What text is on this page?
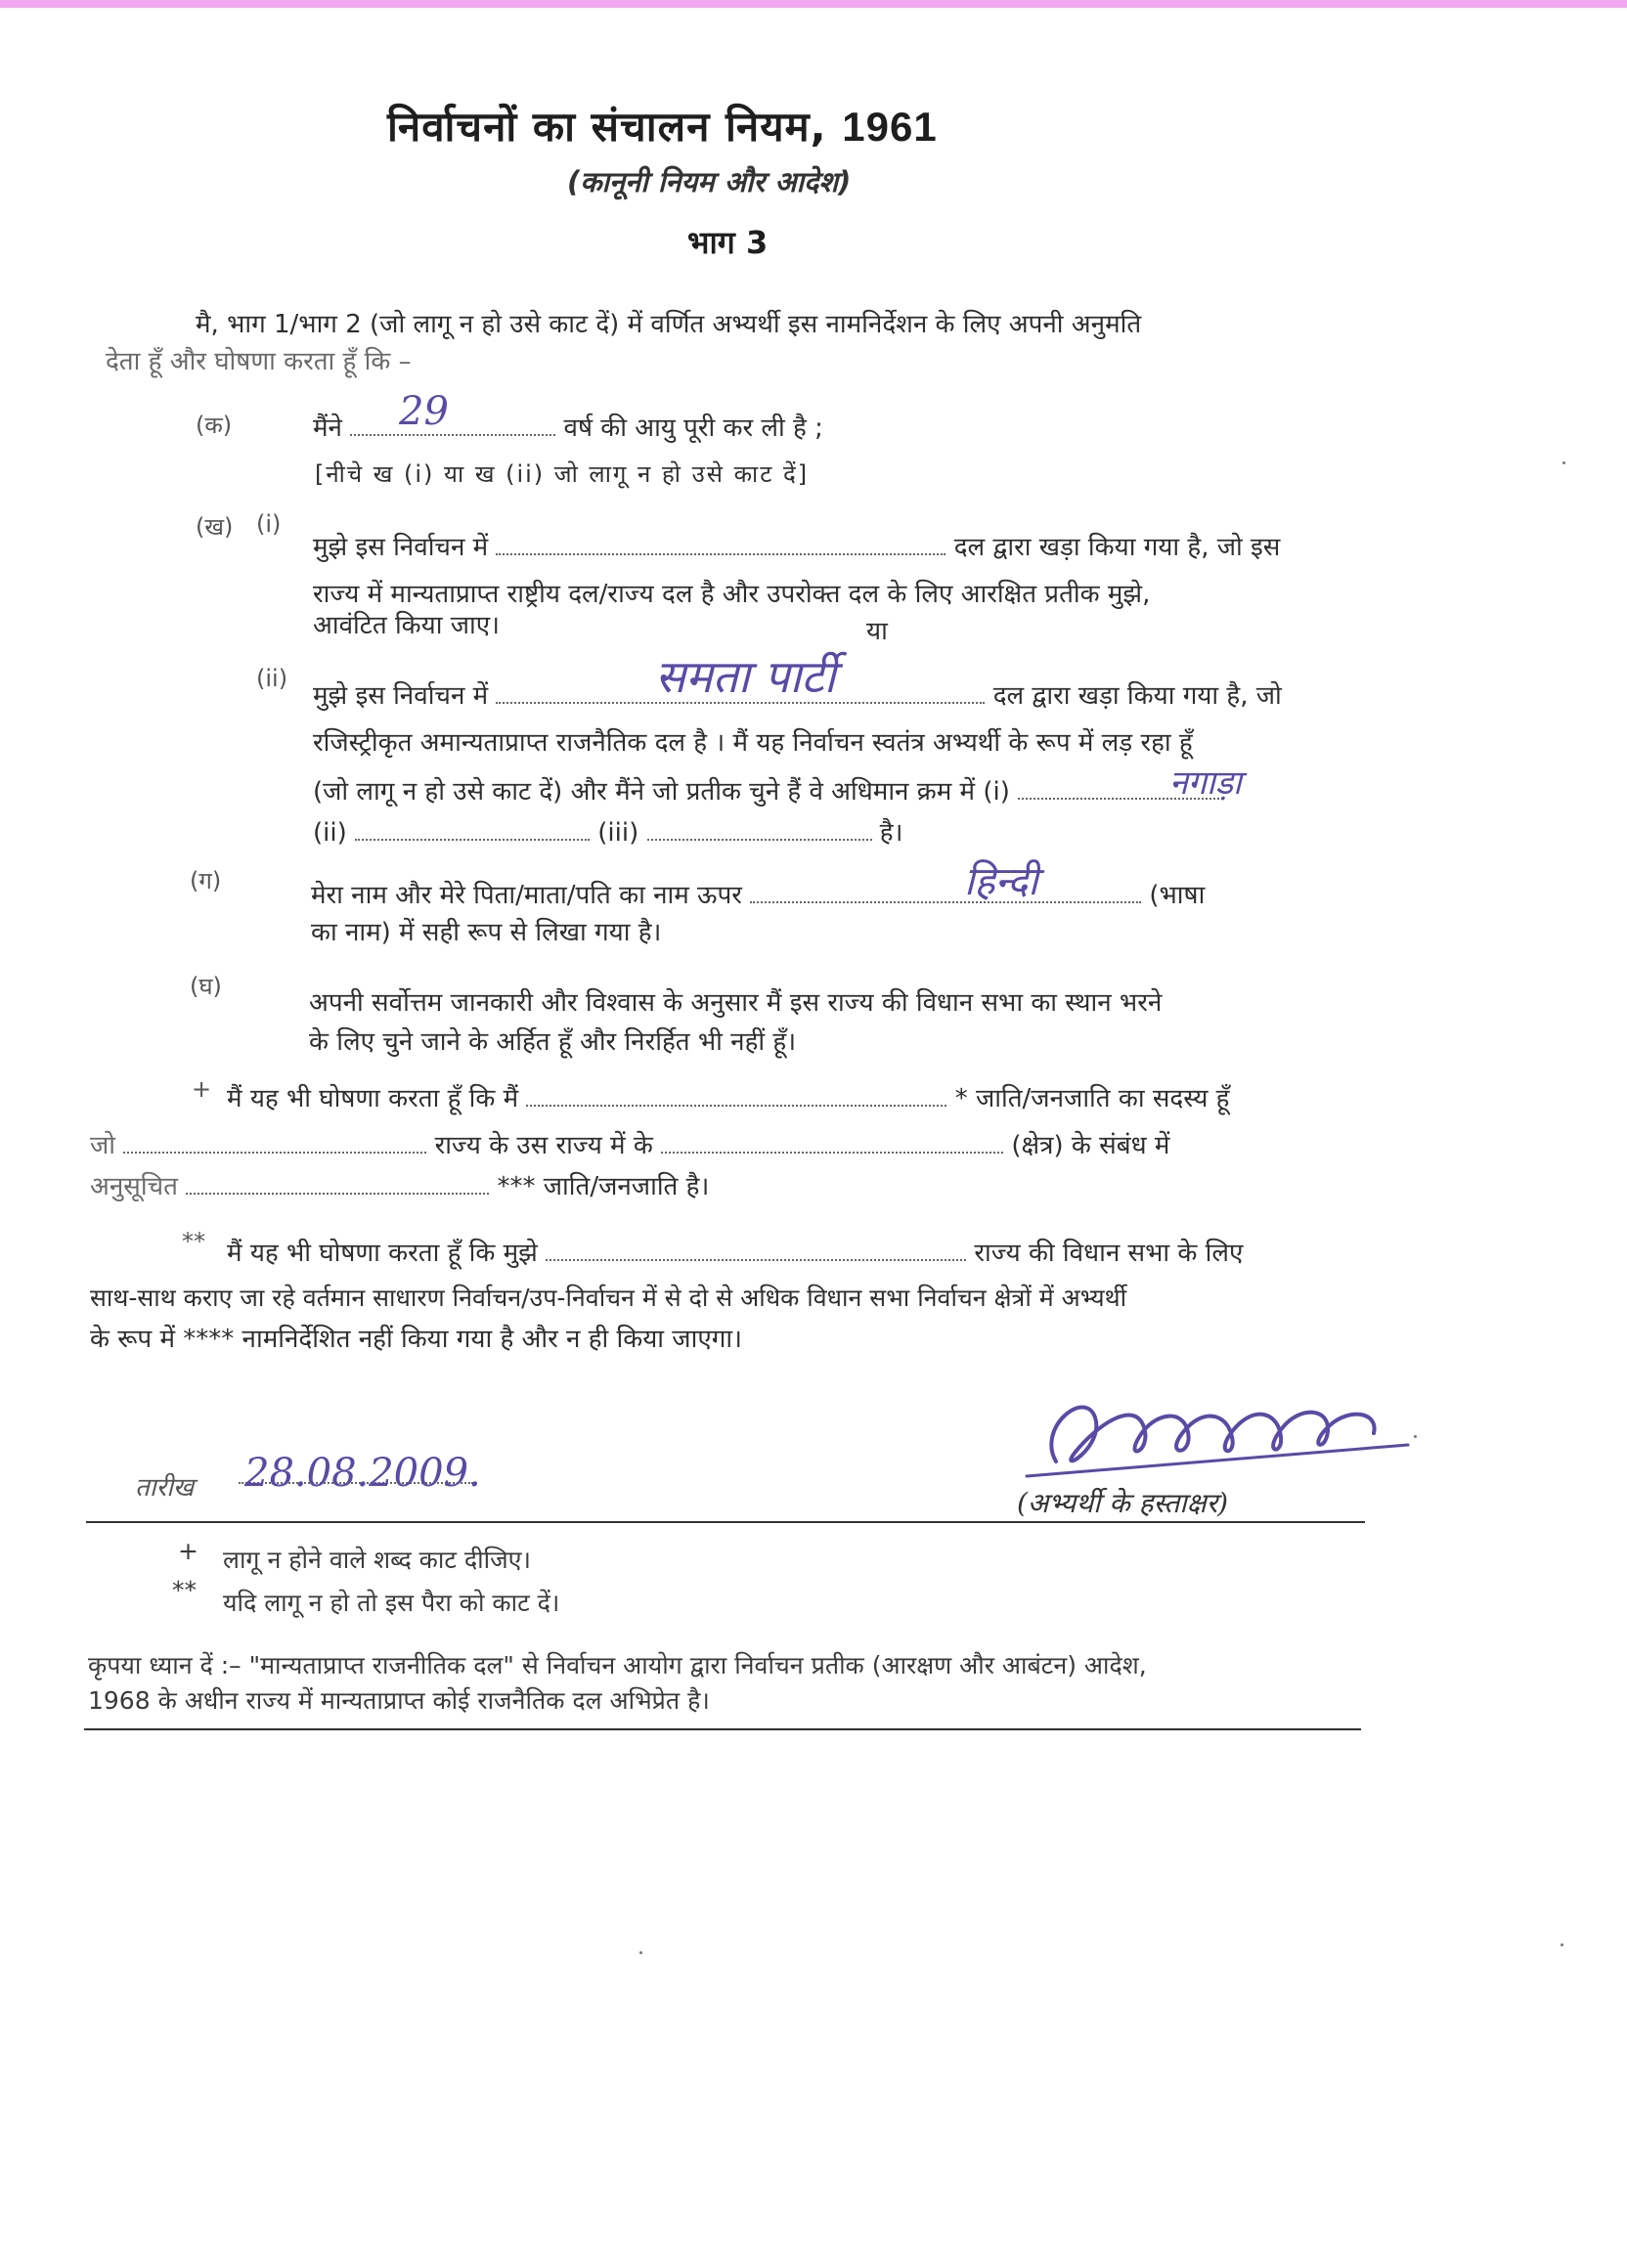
निर्वाचनों का संचालन नियम, 1961
(कानूनी नियम और आदेश)
भाग 3
मै, भाग 1/भाग 2 (जो लागू न हो उसे काट दें) में वर्णित अभ्यर्थी इस नामनिर्देशन के लिए अपनी अनुमति
देता हूँ और घोषणा करता हूँ कि –
(क)	मैंने	वर्ष की आयु पूरी कर ली है ;
29
[नीचे ख (i) या ख (ii) जो लागू न हो उसे काट दें]
(ख) (i)
मुझे इस निर्वाचन में	दल द्वारा खड़ा किया गया है, जो इस
राज्य में मान्यताप्राप्त राष्ट्रीय दल/राज्य दल है और उपरोक्त दल के लिए आरक्षित प्रतीक मुझे,
आवंटित किया जाए।	या
(ii)
मुझे इस निर्वाचन में	दल द्वारा खड़ा किया गया है, जो
समता पार्टी
रजिस्ट्रीकृत अमान्यताप्राप्त राजनैतिक दल है । मैं यह निर्वाचन स्वतंत्र अभ्यर्थी के रूप में लड़ रहा हूँ
(जो लागू न हो उसे काट दें) और मैंने जो प्रतीक चुने हैं वे अधिमान क्रम में (i)	नगाड़ा
(ii)	(iii)	है।
(ग)	मेरा नाम और मेरे पिता/माता/पति का नाम ऊपर	(भाषा
हिन्दी
का नाम) में सही रूप से लिखा गया है।
(घ)
अपनी सर्वोत्तम जानकारी और विश्वास के अनुसार मैं इस राज्य की विधान सभा का स्थान भरने
के लिए चुने जाने के अर्हित हूँ और निरर्हित भी नहीं हूँ।
+ मैं यह भी घोषणा करता हूँ कि मैं	* जाति/जनजाति का सदस्य हूँ
जो	राज्य के उस राज्य में के	(क्षेत्र) के संबंध में
अनुसूचित	*** जाति/जनजाति है।
** मैं यह भी घोषणा करता हूँ कि मुझे	राज्य की विधान सभा के लिए
साथ-साथ कराए जा रहे वर्तमान साधारण निर्वाचन/उप-निर्वाचन में से दो से अधिक विधान सभा निर्वाचन क्षेत्रों में अभ्यर्थी
के रूप में **** नामनिर्देशित नहीं किया गया है और न ही किया जाएगा।
तारीख 28.08.2009.
(अभ्यर्थी के हस्ताक्षर)
+ लागू न होने वाले शब्द काट दीजिए।
** यदि लागू न हो तो इस पैरा को काट दें।
कृपया ध्यान दें :– "मान्यताप्राप्त राजनीतिक दल" से निर्वाचन आयोग द्वारा निर्वाचन प्रतीक (आरक्षण और आबंटन) आदेश,
1968 के अधीन राज्य में मान्यताप्राप्त कोई राजनैतिक दल अभिप्रेत है।
